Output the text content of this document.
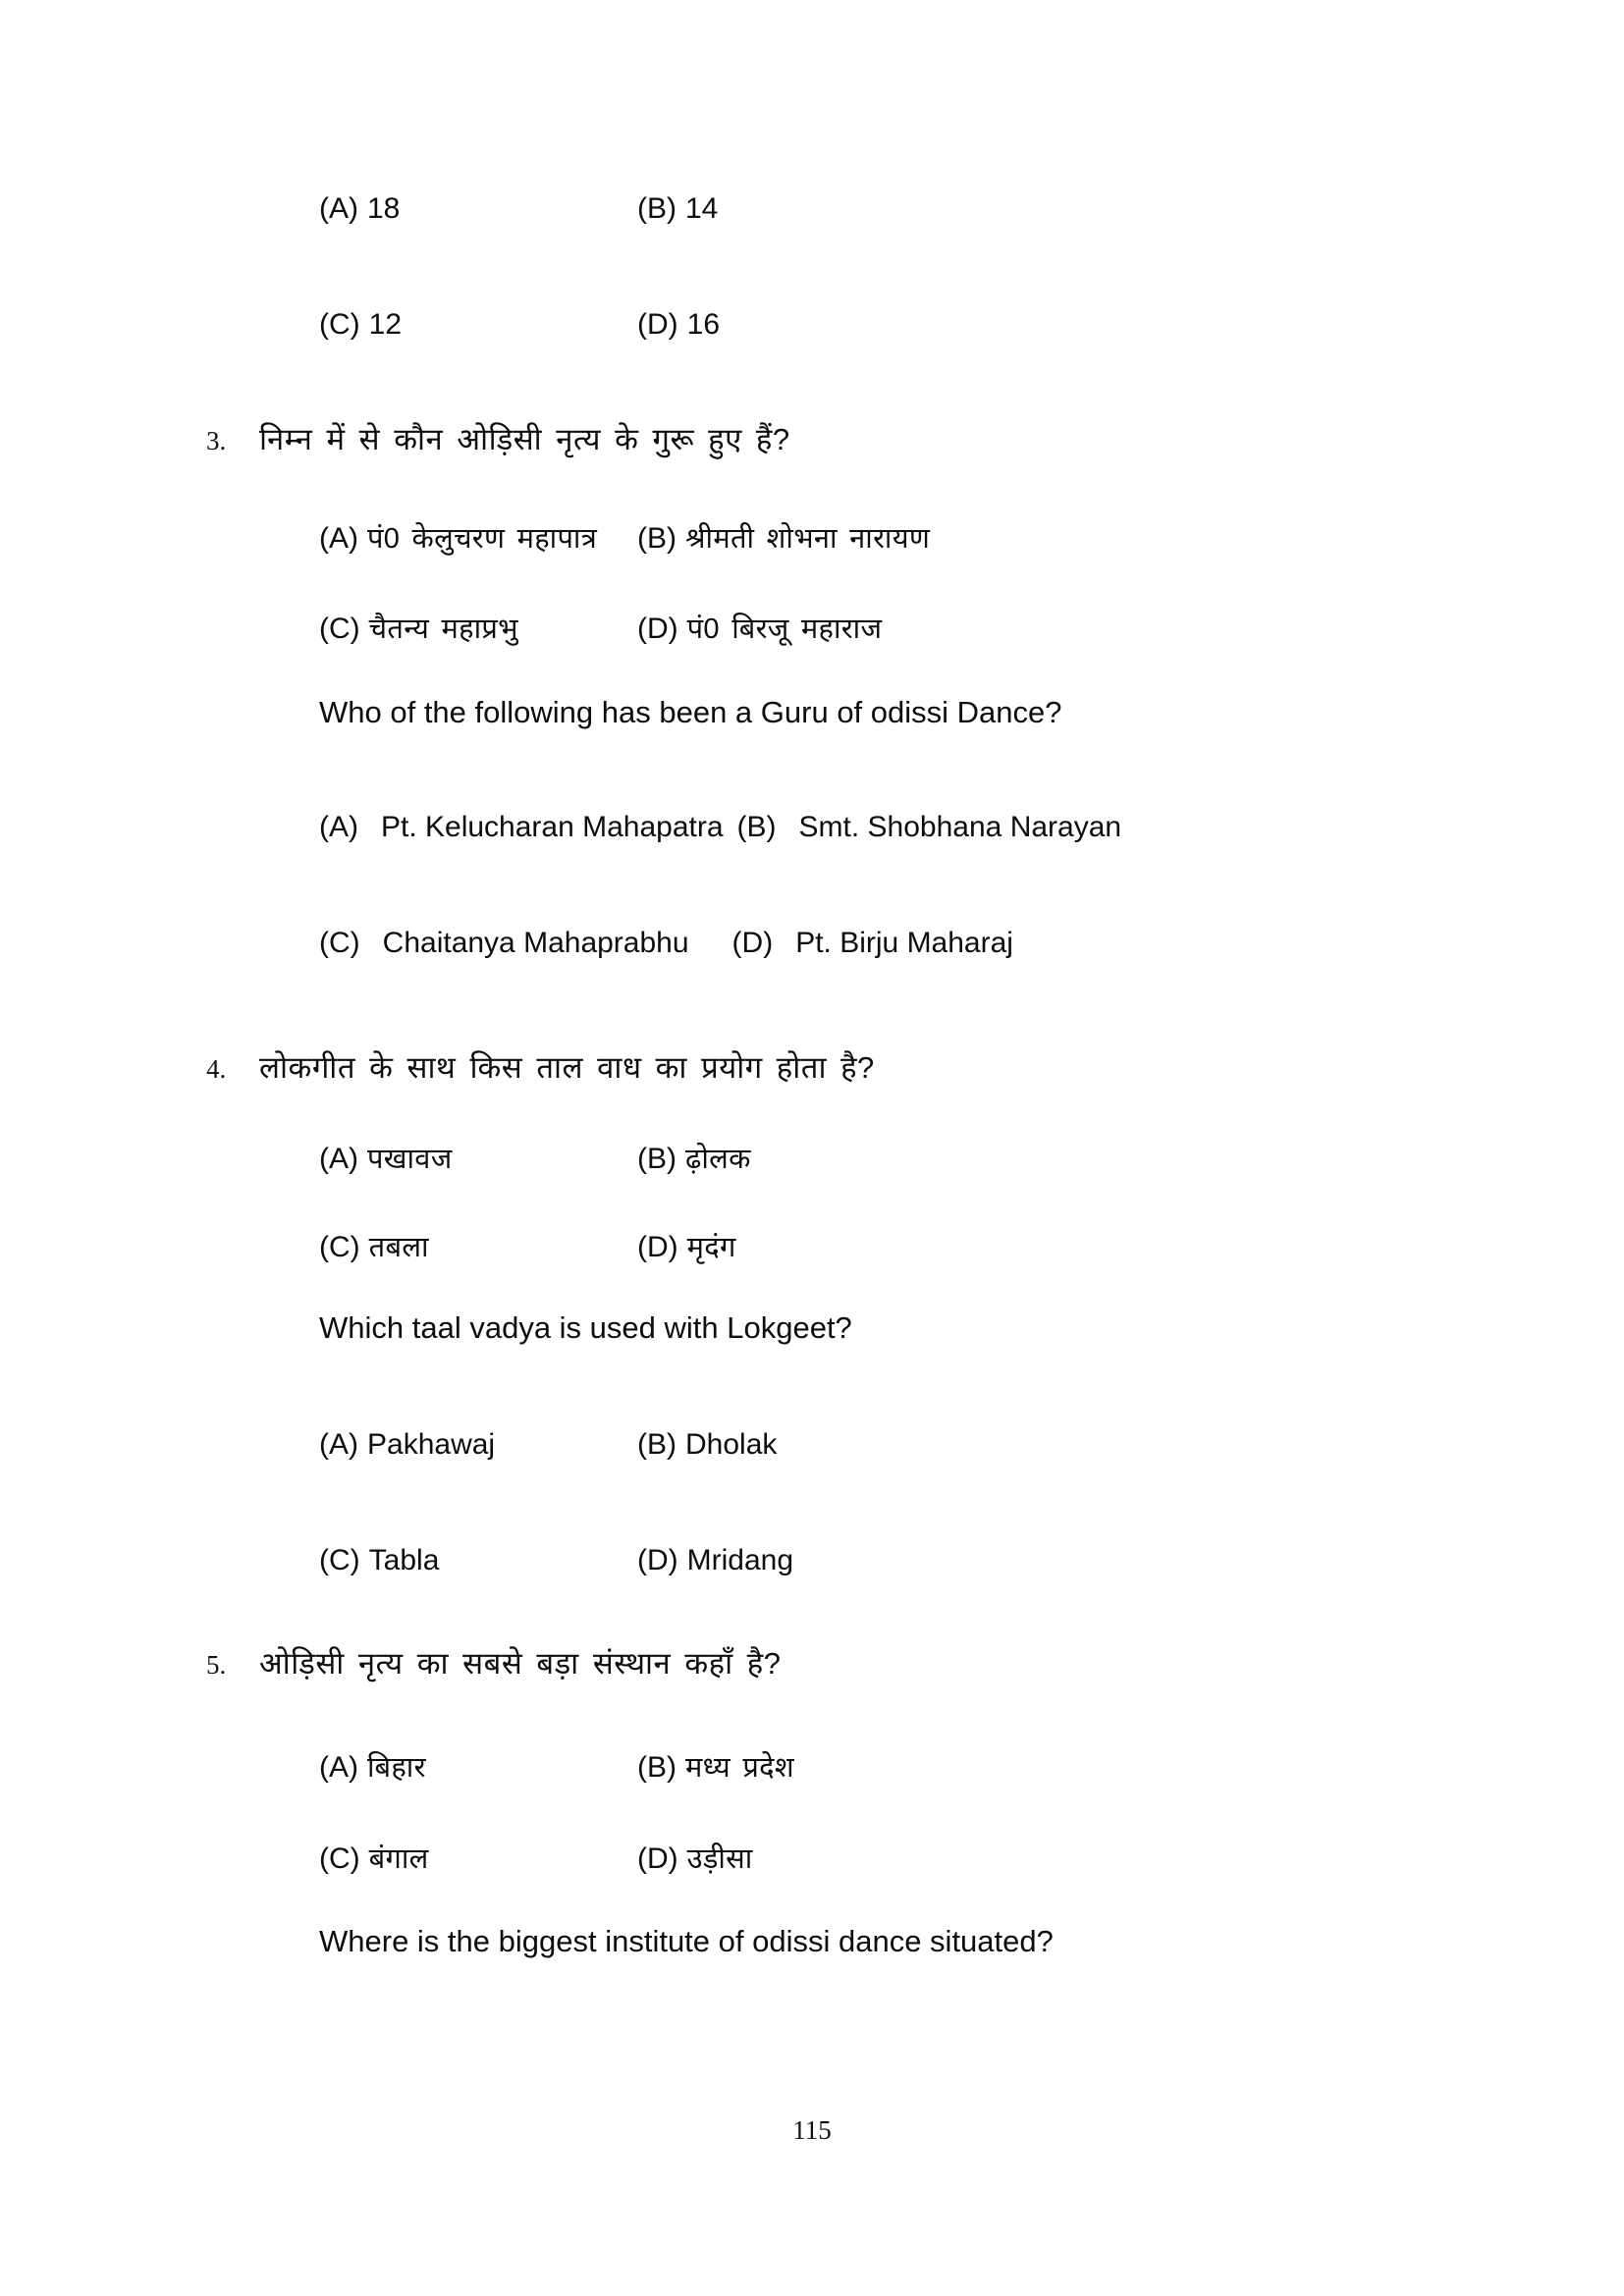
(A) 18	(B) 14
(C) 12	(D) 16
3.	निम्न में से कौन ओड़िसी नृत्य के गुरू हुए हैं?
(A) पं0 केलुचरण महापात्र (B) श्रीमती शोभना नारायण
(C) चैतन्य महाप्रभु	(D) पं0 बिरजू महाराज
Who of the following has been a Guru of odissi Dance?
(A) Pt. Kelucharan Mahapatra (B) Smt. Shobhana Narayan
(C) Chaitanya Mahaprabhu (D) Pt. Birju Maharaj
4.	लोकगीत के साथ किस ताल वाध का प्रयोग होता है?
(A) पखावज	(B) ढ़ोलक
(C) तबला	(D) मृदंग
Which taal vadya is used with Lokgeet?
(A) Pakhawaj	(B) Dholak
(C) Tabla	(D) Mridang
5.	ओड़िसी नृत्य का सबसे बड़ा संस्थान कहाँ है?
(A) बिहार	(B) मध्य प्रदेश
(C) बंगाल	(D) उड़ीसा
Where is the biggest institute of odissi dance situated?
115
